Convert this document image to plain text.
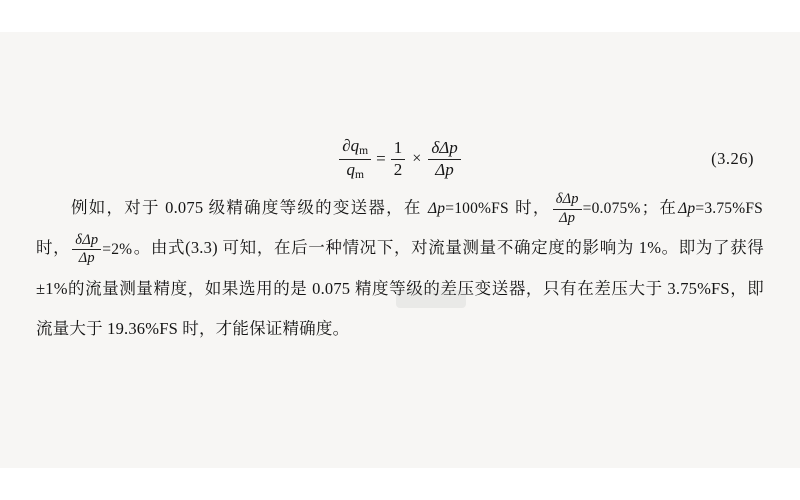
$\frac{\partial q_m}{q_m} = \frac{1}{2} \times \frac{\text{δΔp}}{\Delta p}$	(3.26)
例如，对于 0.075 级精确度等级的变送器，在 Δp = 100%FS 时， $\frac{\text{δΔp}}{\Delta p} = 0.075\%$ ；在 Δp = 3.75%FS
时， $\frac{\text{δΔp}}{\Delta p} = 2\%$ 。由式(3.3) 可知，在后一种情况下，对流量测量不确定度的影响为 1%。即为了获得±1%的流量测量精度，如果选用的是 0.075 精度等级的差压变送器，只有在差压大于 3.75%FS，即流量大于 19.36%FS 时，才能保证精确度。
